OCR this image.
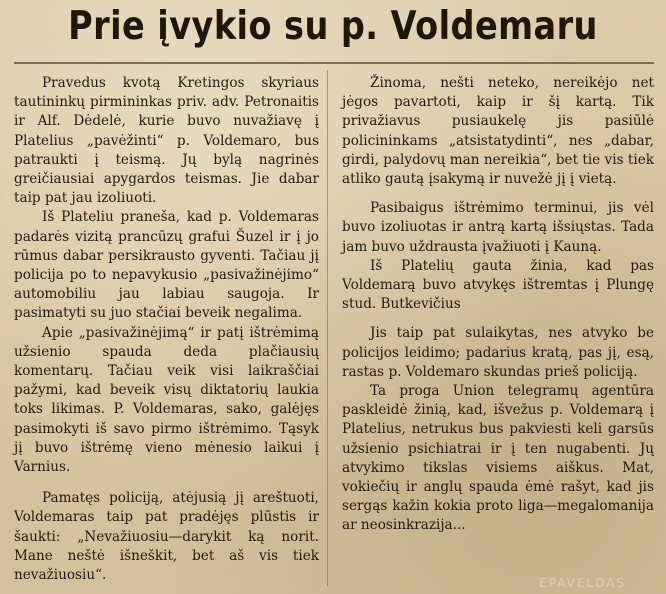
Prie įvykio su p. Voldemaru

Pravedus kvotą Kretingos skyriaus tautininkų pirmininkas priv. adv. Petronaitis ir Alf. Dėdelė, kurie buvo nuvažiavę į Platelius „pavėžinti“ p. Voldemaro, bus patraukti į teismą. Jų bylą nagrinės greičiausiai apygardos teismas. Jie dabar taip pat jau izoliuoti.

Iš Plateliu praneša, kad p. Voldemaras padarės vizitą prancūzų grafui Šuzel ir į jo rūmus dabar persikrausto gyventi. Tačiau jį policija po to nepavykusio „pasivažinėjimo“ automobiliu jau labiau saugoja. Ir pasimatyti su juo stačiai beveik negalima.

Apie „pasivažinėjimą“ ir patį ištrėmimą užsienio spauda deda plačiausių komentarų. Tačiau veik visi laikraščiai pažymi, kad beveik visų diktatorių laukia toks likimas. P. Voldemaras, sako, galėjęs pasimokyti iš savo pirmo ištrėmimo. Tąsyk jį buvo ištrėmę vieno mėnesio laikui į Varnius.

Pamatęs policiją, atėjusią jį areštuoti, Voldemaras taip pat pradėjęs plūstis ir šaukti: „Nevažiuosiu—darykit ką norit. Mane neštė išneškit, bet aš vis tiek nevažiuosiu“.

Žinoma, nešti neteko, nereikėjo net jėgos pavartoti, kaip ir šį kartą. Tik privažiavus pusiaukelę jis pasiūlė policininkams „atsistatydinti“, nes „dabar, girdi, palydovų man nereikia“, bet tie vis tiek atliko gautą įsakymą ir nuvežė jį į vietą.

Pasibaigus ištrėmimo terminui, jis vėl buvo izoliuotas ir antrą kartą išsiųstas. Tada jam buvo uždrausta įvažiuoti į Kauną.

Iš Platelių gauta žinia, kad pas Voldemarą buvo atvykęs ištremtas į Plungę stud. Butkevičius

Jis taip pat sulaikytas, nes atvyko be policijos leidimo; padarius kratą, pas jį, esą, rastas p. Voldemaro skundas prieš policiją.

Ta proga Union telegramų agentūra paskleidė žinią, kad, išvežus p. Voldemarą į Platelius, netrukus bus pakviesti keli garsūs užsienio psichiatrai ir į ten nugabenti. Jų atvykimo tikslas visiems aiškus. Mat, vokiečių ir anglų spauda ėmė rašyt, kad jis sergąs kažin kokia proto liga—megalomanija ar neosinkrazija...

EPAVELDAS
